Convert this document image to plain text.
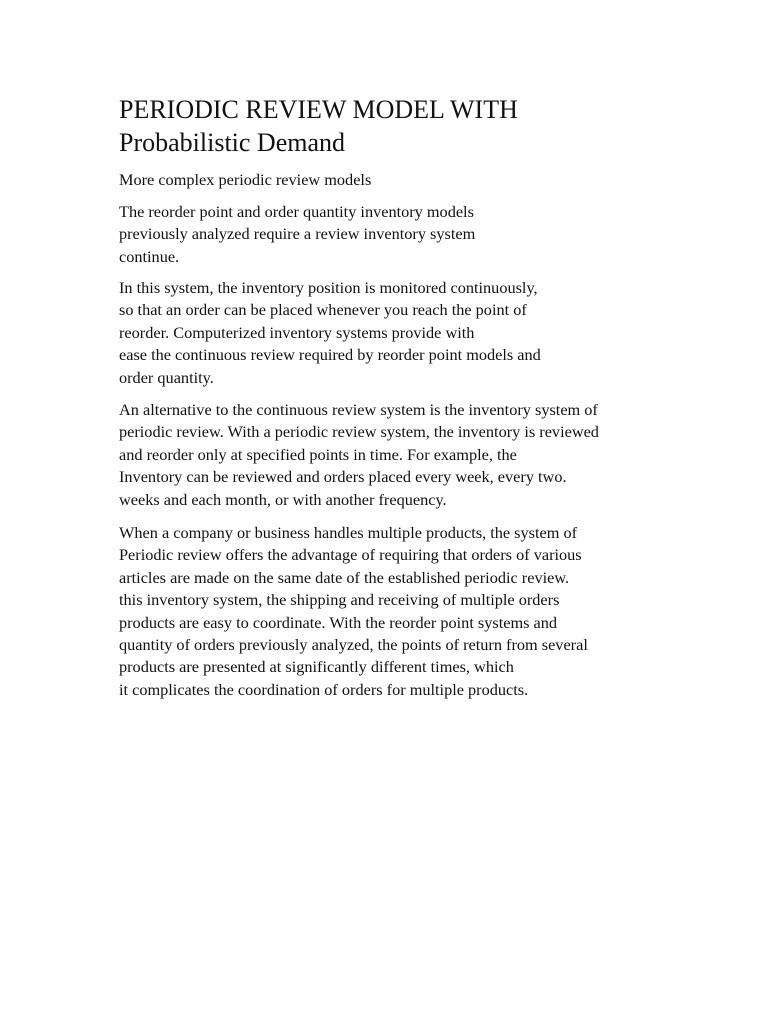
PERIODIC REVIEW MODEL WITH
Probabilistic Demand

More complex periodic review models

The reorder point and order quantity inventory models
previously analyzed require a review inventory system
continue.

In this system, the inventory position is monitored continuously,
so that an order can be placed whenever you reach the point of
reorder. Computerized inventory systems provide with
ease the continuous review required by reorder point models and
order quantity.

An alternative to the continuous review system is the inventory system of
periodic review. With a periodic review system, the inventory is reviewed
and reorder only at specified points in time. For example, the
Inventory can be reviewed and orders placed every week, every two.
weeks and each month, or with another frequency.

When a company or business handles multiple products, the system of
Periodic review offers the advantage of requiring that orders of various
articles are made on the same date of the established periodic review.
this inventory system, the shipping and receiving of multiple orders
products are easy to coordinate. With the reorder point systems and
quantity of orders previously analyzed, the points of return from several
products are presented at significantly different times, which
it complicates the coordination of orders for multiple products.
